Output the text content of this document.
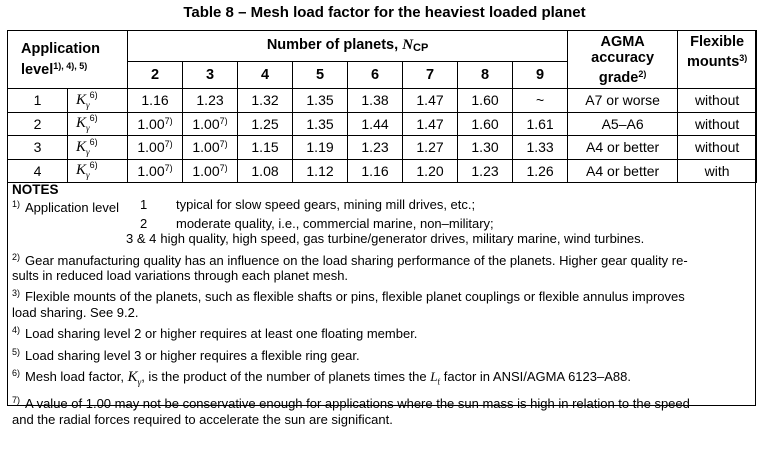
Table 8 – Mesh load factor for the heaviest loaded planet
Application
level$^{1), 4), 5)}$		Number of planets, $N_{CP}$								AGMA
accuracy
grade$^{2)}$	Flexible
mounts$^{3)}$
		2	3	4	5	6	7	8	9		
1	$K_\gamma^{6)}$	1.16	1.23	1.32	1.35	1.38	1.47	1.60	~	A7 or worse	without
2	$K_\gamma^{6)}$	1.00$^{7)}$	1.00$^{7)}$	1.25	1.35	1.44	1.47	1.60	1.61	A5–A6	without
3	$K_\gamma^{6)}$	1.00$^{7)}$	1.00$^{7)}$	1.15	1.19	1.23	1.27	1.30	1.33	A4 or better	without
4	$K_\gamma^{6)}$	1.00$^{7)}$	1.00$^{7)}$	1.08	1.12	1.16	1.20	1.23	1.26	A4 or better	with
NOTES
$^{1)}$ Application level	1	typical for slow speed gears, mining mill drives, etc.;
2	moderate quality, i.e., commercial marine, non–military;
3 & 4 high quality, high speed, gas turbine/generator drives, military marine, wind turbines.
$^{2)}$ Gear manufacturing quality has an influence on the load sharing performance of the planets. Higher gear quality re-
sults in reduced load variations through each planet mesh.
$^{3)}$ Flexible mounts of the planets, such as flexible shafts or pins, flexible planet couplings or flexible annulus improves
load sharing. See 9.2.
$^{4)}$ Load sharing level 2 or higher requires at least one floating member.
$^{5)}$ Load sharing level 3 or higher requires a flexible ring gear.
$^{6)}$ Mesh load factor, $K_\gamma$, is the product of the number of planets times the $L_f$ factor in ANSI/AGMA 6123–A88.
$^{7)}$ A value of 1.00 may not be conservative enough for applications where the sun mass is high in relation to the speed
and the radial forces required to accelerate the sun are significant.
